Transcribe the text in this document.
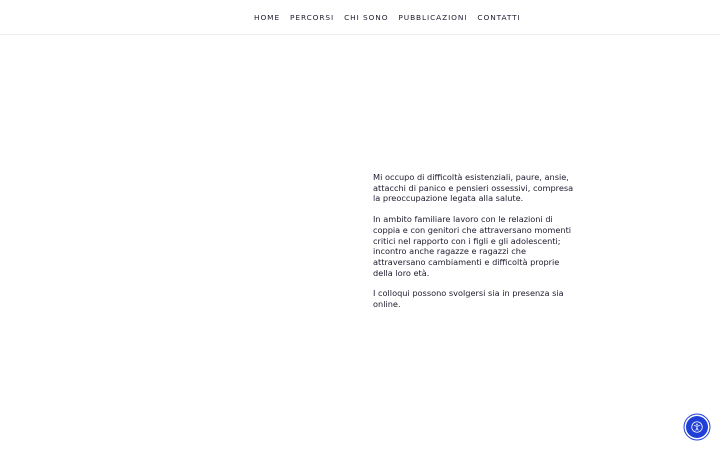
HOME PERCORSI CHI SONO PUBBLICAZIONI CONTATTI

Mi occupo di difficoltà esistenziali, paure, ansie, attacchi di panico e pensieri ossessivi, compresa la preoccupazione legata alla salute.

In ambito familiare lavoro con le relazioni di coppia e con genitori che attraversano momenti critici nel rapporto con i figli e gli adolescenti; incontro anche ragazze e ragazzi che attraversano cambiamenti e difficoltà proprie della loro età.

I colloqui possono svolgersi sia in presenza sia online.
